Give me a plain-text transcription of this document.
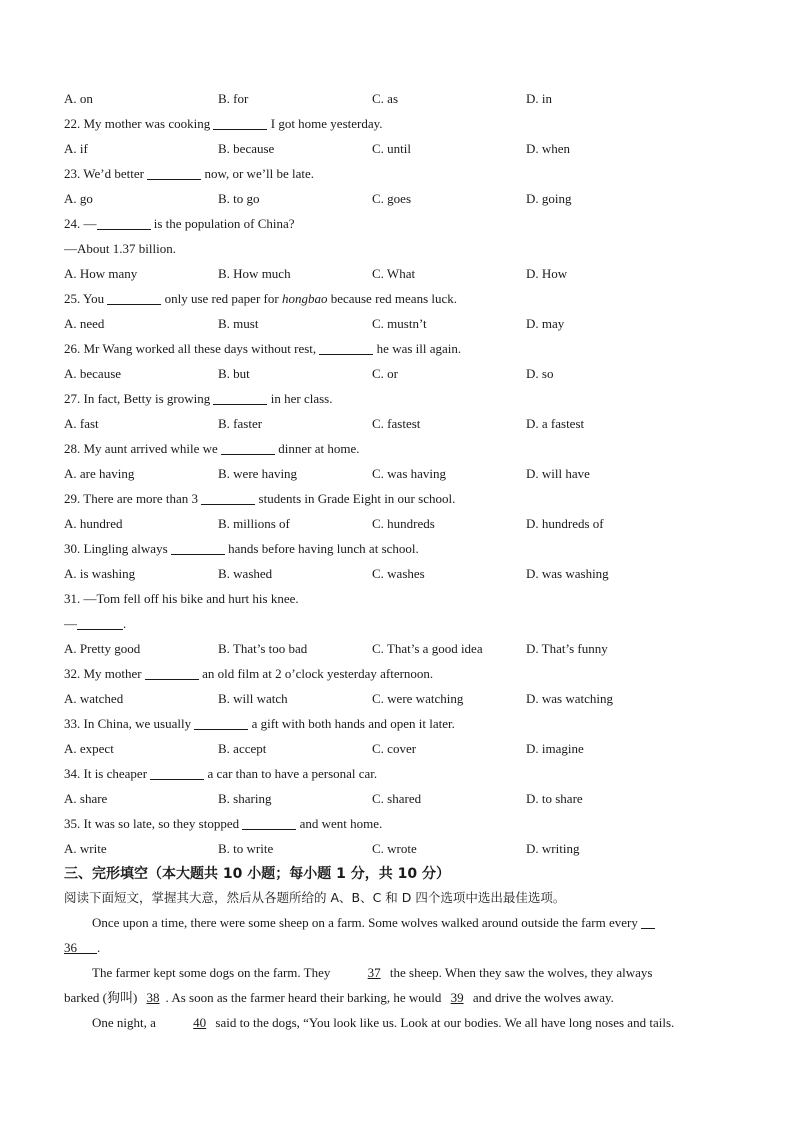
A. on	B. for	C. as	D. in
22. My mother was cooking	I got home yesterday.
A. if	B. because	C. until	D. when
23. We’d better	now, or we’ll be late.
A. go	B. to go	C. goes	D. going
24. —	is the population of China?
—About 1.37 billion.
A. How many	B. How much	C. What	D. How
25. You	only use red paper for hongbao because red means luck.
A. need	B. must	C. mustn’t	D. may
26. Mr Wang worked all these days without rest,	he was ill again.
A. because	B. but	C. or	D. so
27. In fact, Betty is growing	in her class.
A. fast	B. faster	C. fastest	D. a fastest
28. My aunt arrived while we	dinner at home.
A. are having	B. were having	C. was having	D. will have
29. There are more than 3	students in Grade Eight in our school.
A. hundred	B. millions of	C. hundreds	D. hundreds of
30. Lingling always	hands before having lunch at school.
A. is washing	B. washed	C. washes	D. was washing
31. —Tom fell off his bike and hurt his knee.
—	.
A. Pretty good	B. That’s too bad	C. That’s a good idea	D. That’s funny
32. My mother	an old film at 2 o’clock yesterday afternoon.
A. watched	B. will watch	C. were watching	D. was watching
33. In China, we usually	a gift with both hands and open it later.
A. expect	B. accept	C. cover	D. imagine
34. It is cheaper	a car than to have a personal car.
A. share	B. sharing	C. shared	D. to share
35. It was so late, so they stopped	and went home.
A. write	B. to write	C. wrote	D. writing
三、完形填空（本大题共 10 小题；每小题 1 分，共 10 分）
阅读下面短文，掌握其大意，然后从各题所给的 A、B、C 和 D 四个选项中选出最佳选项。
Once upon a time, there were some sheep on a farm. Some wolves walked around outside the farm every
36 .
The farmer kept some dogs on the farm. They	37 the sheep. When they saw the wolves, they always
barked (狗叫) 38 . As soon as the farmer heard their barking, he would 39 and drive the wolves away.
One night, a	40 said to the dogs, “You look like us. Look at our bodies. We all have long noses and tails.
